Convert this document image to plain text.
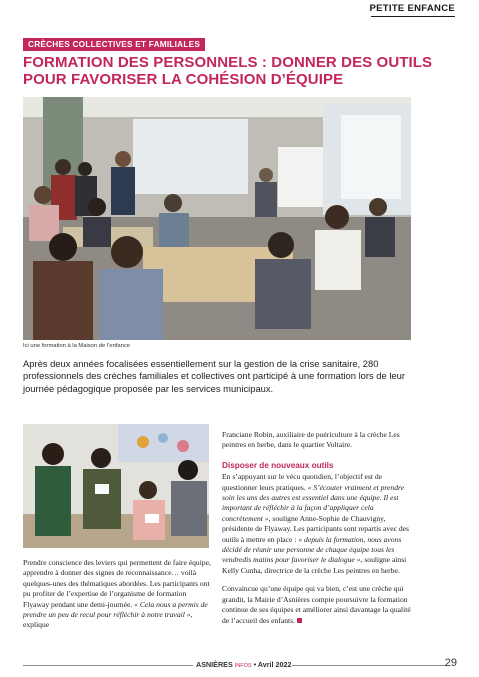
PETITE ENFANCE
CRÈCHES COLLECTIVES ET FAMILIALES
FORMATION DES PERSONNELS : DONNER DES OUTILS
POUR FAVORISER LA COHÉSION D’ÉQUIPE
Ici une formation à la Maison de l’enfance
Après deux années focalisées essentiellement sur la gestion de la crise sanitaire, 280 professionnels des crèches familiales et collectives ont participé à une formation lors de leur journée pédagogique proposée par les services municipaux.

Prendre conscience des leviers qui permettent de faire équipe, apprendre à donner des signes de reconnaissance… voilà quelques-unes des thématiques abordées. Les participants ont pu profiter de l’expertise de l’organisme de formation Flyaway pendant une demi-journée. « Cela nous a permis de prendre un peu de recul pour réfléchir à notre travail », explique

Franciane Robin, auxiliaire de puériculture à la crèche Les peintres en herbe, dans le quartier Voltaire.

Disposer de nouveaux outils

En s’appuyant sur le vécu quotidien, l’objectif est de questionner leurs pratiques. « S’écouter vraiment et prendre soin les uns des autres est essentiel dans une équipe. Il est important de réfléchir à la façon d’appliquer cela concrètement », souligne Anne-Sophie de Chauvigny, présidente de Flyaway. Les participants sont repartis avec des outils à mettre en place : « depuis la formation, nous avons décidé de réunir une personne de chaque équipe tous les vendredis matins pour favoriser le dialogue », souligne ainsi Kelly Cunha, directrice de la crèche Les peintres en herbe.

Convaincue qu’une équipe qui va bien, c’est une crèche qui grandit, la Mairie d’Asnières compte poursuivre la formation continue de ses équipes et améliorer ainsi davantage la qualité de l’accueil des enfants.

ASNIÈRES INFOS • Avril 2022	29
